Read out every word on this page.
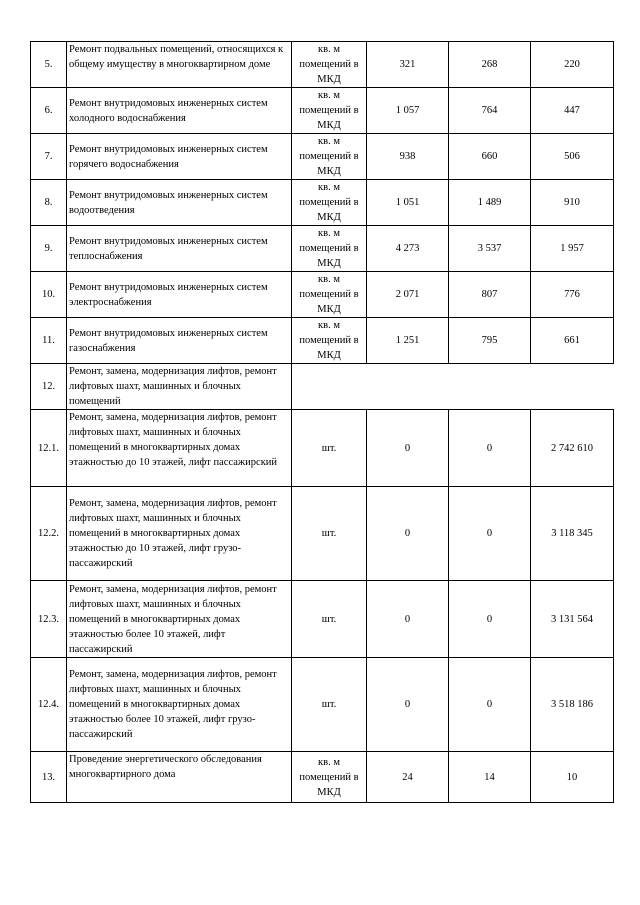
5.	Ремонт подвальных помещений, относящихся к общему имуществу в многоквартирном доме	кв. м помещений в МКД	321	268	220
6.	Ремонт внутридомовых инженерных систем холодного водоснабжения	кв. м помещений в МКД	1 057	764	447
7.	Ремонт внутридомовых инженерных систем горячего водоснабжения	кв. м помещений в МКД	938	660	506
8.	Ремонт внутридомовых инженерных систем водоотведения	кв. м помещений в МКД	1 051	1 489	910
9.	Ремонт внутридомовых инженерных систем теплоснабжения	кв. м помещений в МКД	4 273	3 537	1 957
10.	Ремонт внутридомовых инженерных систем электроснабжения	кв. м помещений в МКД	2 071	807	776
11.	Ремонт внутридомовых инженерных систем газоснабжения	кв. м помещений в МКД	1 251	795	661
12.	Ремонт, замена, модернизация лифтов, ремонт лифтовых шахт, машинных и блочных помещений				
12.1.	Ремонт, замена, модернизация лифтов, ремонт лифтовых шахт, машинных и блочных помещений в многоквартирных домах этажностью до 10 этажей, лифт пассажирский	шт.	0	0	2 742 610
12.2.	Ремонт, замена, модернизация лифтов, ремонт лифтовых шахт, машинных и блочных помещений в многоквартирных домах этажностью до 10 этажей, лифт грузо-пассажирский	шт.	0	0	3 118 345
12.3.	Ремонт, замена, модернизация лифтов, ремонт лифтовых шахт, машинных и блочных помещений в многоквартирных домах этажностью более 10 этажей, лифт пассажирский	шт.	0	0	3 131 564
12.4.	Ремонт, замена, модернизация лифтов, ремонт лифтовых шахт, машинных и блочных помещений в многоквартирных домах этажностью более 10 этажей, лифт грузо-пассажирский	шт.	0	0	3 518 186
13.	Проведение энергетического обследования многоквартирного дома	кв. м помещений в МКД	24	14	10
